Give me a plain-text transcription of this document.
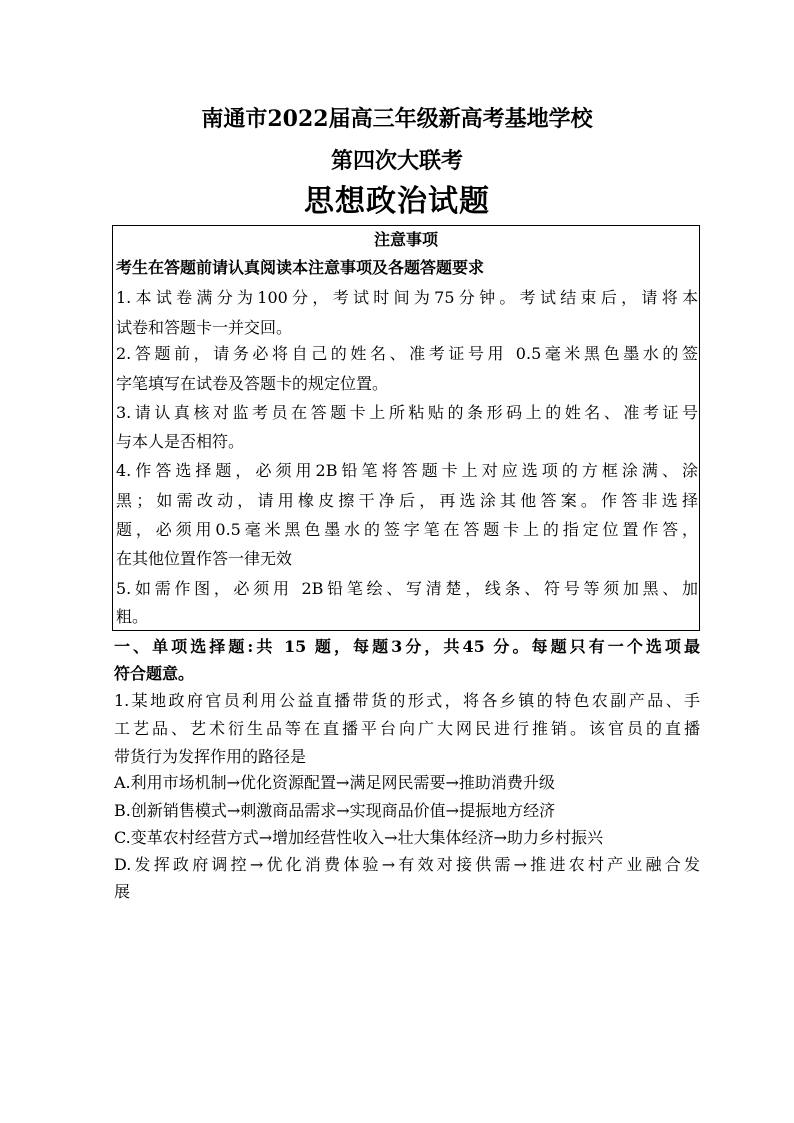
南通市2022届高三年级新高考基地学校
第四次大联考
思想政治试题
注意事项
考生在答题前请认真阅读本注意事项及各题答题要求
1.本试卷满分为100分，考试时间为75分钟。考试结束后，请将本
试卷和答题卡一并交回。
2.答题前，请务必将自己的姓名、准考证号用 0.5毫米黑色墨水的签
字笔填写在试卷及答题卡的规定位置。
3.请认真核对监考员在答题卡上所粘贴的条形码上的姓名、准考证号
与本人是否相符。
4.作答选择题，必须用2B铅笔将答题卡上对应选项的方框涂满、涂
黑；如需改动，请用橡皮擦干净后，再选涂其他答案。作答非选择
题，必须用0.5毫米黑色墨水的签字笔在答题卡上的指定位置作答，
在其他位置作答一律无效
5.如需作图，必须用 2B铅笔绘、写清楚，线条、符号等须加黑、加
粗。
一、单项选择题:共 15 题，每题3分，共45 分。每题只有一个选项最
符合题意。
1.某地政府官员利用公益直播带货的形式，将各乡镇的特色农副产品、手
工艺品、艺术衍生品等在直播平台向广大网民进行推销。该官员的直播
带货行为发挥作用的路径是
A.利用市场机制→优化资源配置→满足网民需要→推助消费升级
B.创新销售模式→刺激商品需求→实现商品价值→提振地方经济
C.变革农村经营方式→增加经营性收入→壮大集体经济→助力乡村振兴
D.发挥政府调控→优化消费体验→有效对接供需→推进农村产业融合发
展
